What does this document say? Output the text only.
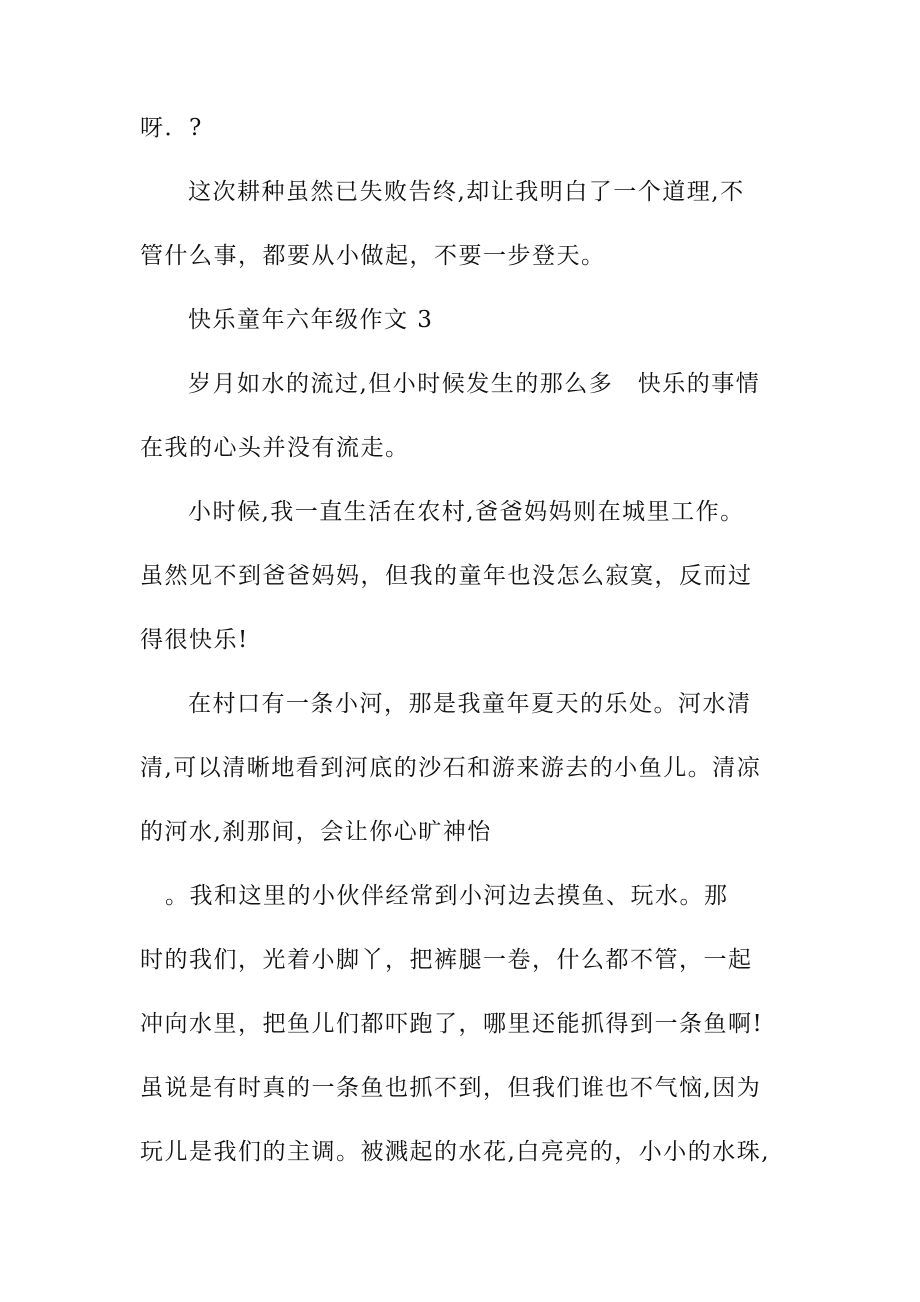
呀．?
这次耕种虽然已失败告终,却让我明白了一个道理,不
管什么事，都要从小做起，不要一步登天。
快乐童年六年级作文 3
岁月如水的流过,但小时候发生的那么多　快乐的事情
在我的心头并没有流走。
小时候,我一直生活在农村,爸爸妈妈则在城里工作。
虽然见不到爸爸妈妈，但我的童年也没怎么寂寞，反而过
得很快乐!
在村口有一条小河，那是我童年夏天的乐处。河水清
清,可以清晰地看到河底的沙石和游来游去的小鱼儿。清凉
的河水,刹那间，会让你心旷神怡
。我和这里的小伙伴经常到小河边去摸鱼、玩水。那
时的我们，光着小脚丫，把裤腿一卷，什么都不管，一起
冲向水里，把鱼儿们都吓跑了，哪里还能抓得到一条鱼啊!
虽说是有时真的一条鱼也抓不到，但我们谁也不气恼,因为
玩儿是我们的主调。被溅起的水花,白亮亮的，小小的水珠,
